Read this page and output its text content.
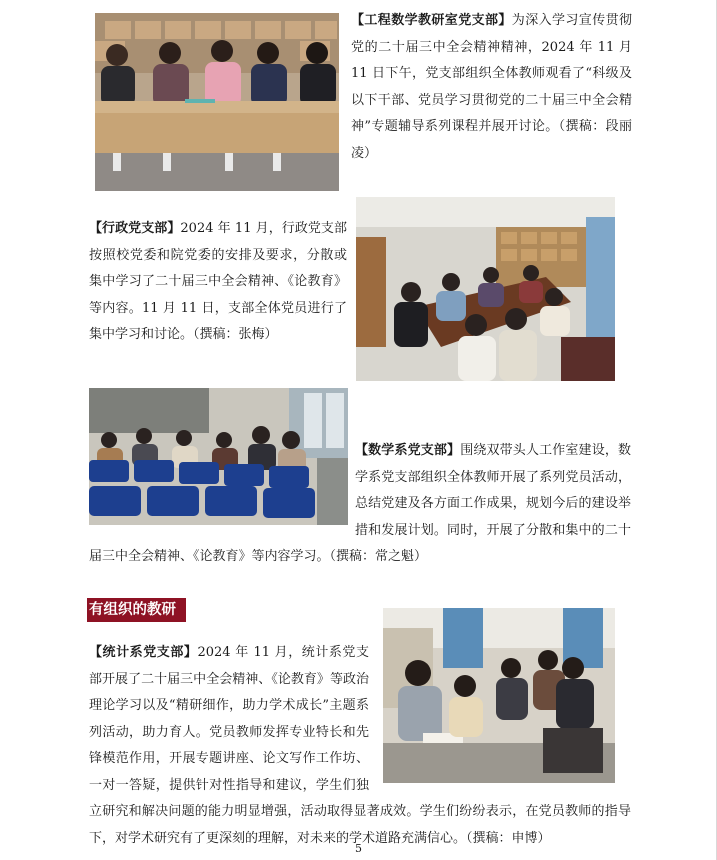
【工程数学教研室党支部】为深入学习宣传贯彻党的二十届三中全会精神精神，2024 年 11 月 11 日下午，党支部组织全体教师观看了“科级及以下干部、党员学习贯彻党的二十届三中全会精神”专题辅导系列课程并展开讨论。（撰稿：段丽凌）

【行政党支部】2024 年 11 月，行政党支部按照校党委和院党委的安排及要求，分散或集中学习了二十届三中全会精神、《论教育》等内容。11 月 11 日，支部全体党员进行了集中学习和讨论。（撰稿：张梅）

【数学系党支部】围绕双带头人工作室建设，数学系党支部组织全体教师开展了系列党员活动，总结党建及各方面工作成果，规划今后的建设举措和发展计划。同时，开展了分散和集中的二十届三中全会精神、《论教育》等内容学习。（撰稿：常之魁）

有组织的教研

【统计系党支部】2024 年 11 月，统计系党支部开展了二十届三中全会精神、《论教育》等政治理论学习以及“精研细作，助力学术成长”主题系列活动，助力育人。党员教师发挥专业特长和先锋模范作用，开展专题讲座、论文写作工作坊、一对一答疑，提供针对性指导和建议，学生们独立研究和解决问题的能力明显增强，活动取得显著成效。学生们纷纷表示，在党员教师的指导下，对学术研究有了更深刻的理解，对未来的学术道路充满信心。（撰稿：申博）

5
